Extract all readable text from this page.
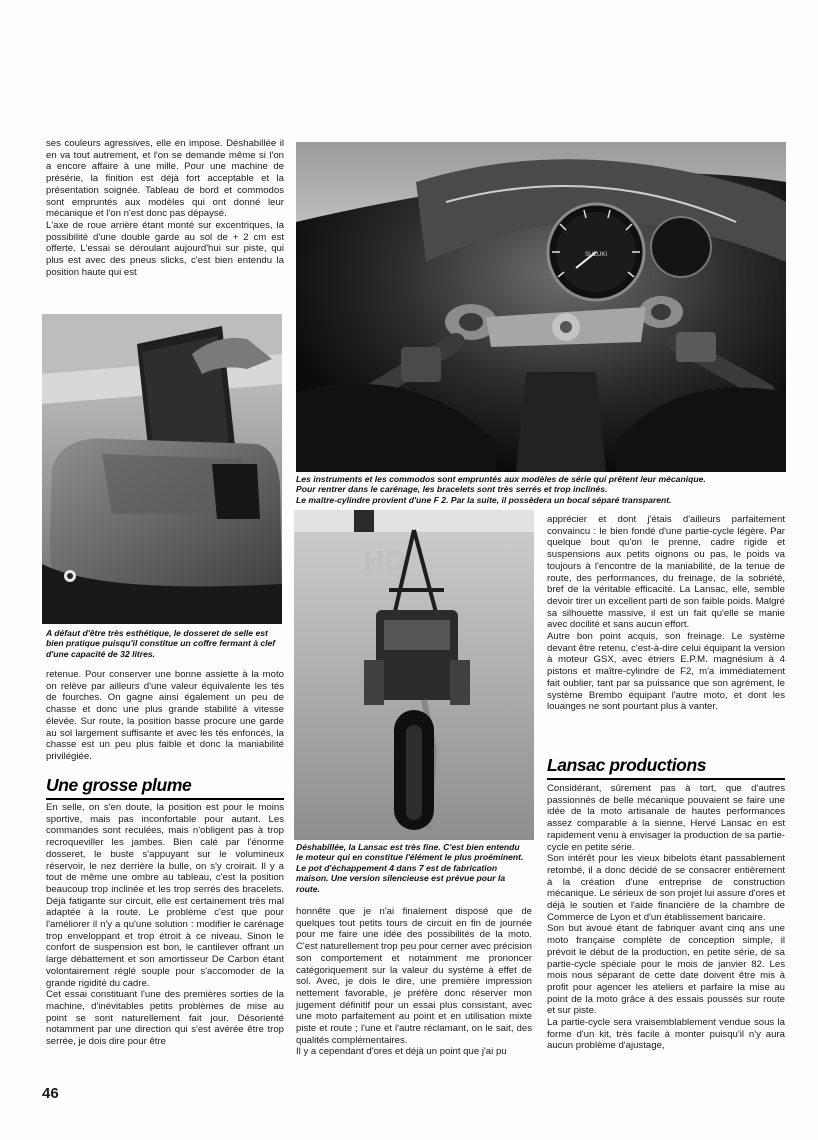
ses couleurs agressives, elle en impose. Déshabillée il en va tout autrement, et l'on se demande même si l'on a encore affaire à une mille. Pour une machine de présérie, la finition est déjà fort acceptable et la présentation soignée. Tableau de bord et commodos sont empruntés aux modèles qui ont donné leur mécanique et l'on n'est donc pas dépaysé.

L'axe de roue arrière étant monté sur excentriques, la possibilité d'une double garde au sol de + 2 cm est offerte. L'essai se déroulant aujourd'hui sur piste, qui plus est avec des pneus slicks, c'est bien entendu la position haute qui est

A défaut d'être très esthétique, le dosseret de selle est bien pratique puisqu'il constitue un coffre fermant à clef d'une capacité de 32 litres.

retenue. Pour conserver une bonne assiette à la moto on relève par ailleurs d'une valeur équivalente les tés de fourches. On gagne ainsi également un peu de chasse et donc une plus grande stabilité à vitesse élevée. Sur route, la position basse procure une garde au sol largement suffisante et avec les tés enfoncés, la chasse est un peu plus faible et donc la maniabilité privilégiée.

Une grosse plume

En selle, on s'en doute, la position est pour le moins sportive, mais pas inconfortable pour autant. Les commandes sont reculées, mais n'obligent pas à trop recroqueviller les jambes. Bien calé par l'énorme dosseret, le buste s'appuyant sur le volumineux réservoir, le nez derrière la bulle, on s'y croirait. Il y a tout de même une ombre au tableau, c'est la position beaucoup trop inclinée et les trop serrés des bracelets. Déjà fatigante sur circuit, elle est certainement très mal adaptée à la route. Le problème c'est que pour l'améliorer il n'y a qu'une solution : modifier le carénage trop enveloppant et trop étroit à ce niveau. Sinon le confort de suspension est bon, le cantilever offrant un large débattement et son amortisseur De Carbon étant volontairement réglé souple pour s'accomoder de la grande rigidité du cadre.

Cet essai constituant l'une des premières sorties de la machine, d'inévitables petits problèmes de mise au point se sont naturellement fait jour. Désorienté notamment par une direction qui s'est avérée être trop serrée, je dois dire pour être

46
SUZUKI
Les instruments et les commodos sont empruntés aux modèles de série qui prêtent leur mécanique.
Pour rentrer dans le carénage, les bracelets sont très serrés et trop inclinés.
Le maître-cylindre provient d'une F 2. Par la suite, il possèdera un bocal séparé transparent.
HO
Déshabillée, la Lansac est très fine. C'est bien entendu le moteur qui en constitue l'élément le plus proéminent. Le pot d'échappement 4 dans 7 est de fabrication maison. Une version silencieuse est prévue pour la route.

honnête que je n'ai finalement disposé que de quelques tout petits tours de circuit en fin de journée pour me faire une idée des possibilités de la moto. C'est naturellement trop peu pour cerner avec précision son comportement et notamment me prononcer catégoriquement sur la valeur du système à effet de sol. Avec, je dois le dire, une première impression nettement favorable, je préfère donc réserver mon jugement définitif pour un essai plus consistant, avec une moto parfaitement au point et en utilisation mixte piste et route ; l'une et l'autre réclamant, on le sait, des qualités complémentaires.

Il y a cependant d'ores et déjà un point que j'ai pu

apprécier et dont j'étais d'ailleurs parfaitement convaincu : le bien fondé d'une partie-cycle légère. Par quelque bout qu'on le prenne, cadre rigide et suspensions aux petits oignons ou pas, le poids va toujours à l'encontre de la maniabilité, de la tenue de route, des performances, du freinage, de la sobriété, bref de la véritable efficacité. La Lansac, elle, semble devoir tirer un excellent parti de son faible poids. Malgré sa silhouette massive, il est un fait qu'elle se manie avec docilité et sans aucun effort.

Autre bon point acquis, son freinage. Le système devant être retenu, c'est-à-dire celui équipant la version à moteur GSX, avec étriers E.P.M. magnésium à 4 pistons et maître-cylindre de F2, m'a immédiatement fait oublier, tant par sa puissance que son agrément, le système Brembo équipant l'autre moto, et dont les louanges ne sont pourtant plus à vanter.

Lansac productions

Considérant, sûrement pas à tort, que d'autres passionnés de belle mécanique pouvaient se faire une idée de la moto artisanale de hautes performances assez comparable à la sienne, Hervé Lansac en est rapidement venu à envisager la production de sa partie-cycle en petite série.

Son intérêt pour les vieux bibelots étant passablement retombé, il a donc décidé de se consacrer entièrement à la création d'une entreprise de construction mécanique. Le sérieux de son projet lui assure d'ores et déjà le soutien et l'aide financière de la chambre de Commerce de Lyon et d'un établissement bancaire.

Son but avoué étant de fabriquer avant cinq ans une moto française complète de conception simple, il prévoit le début de la production, en petite série, de sa partie-cycle spéciale pour le mois de janvier 82. Les mois nous séparant de cette date doivent être mis à profit pour agencer les ateliers et parfaire la mise au point de la moto grâce à des essais poussés sur route et sur piste.

La partie-cycle sera vraisemblablement vendue sous la forme d'un kit, très facile à monter puisqu'il n'y aura aucun problème d'ajustage,
